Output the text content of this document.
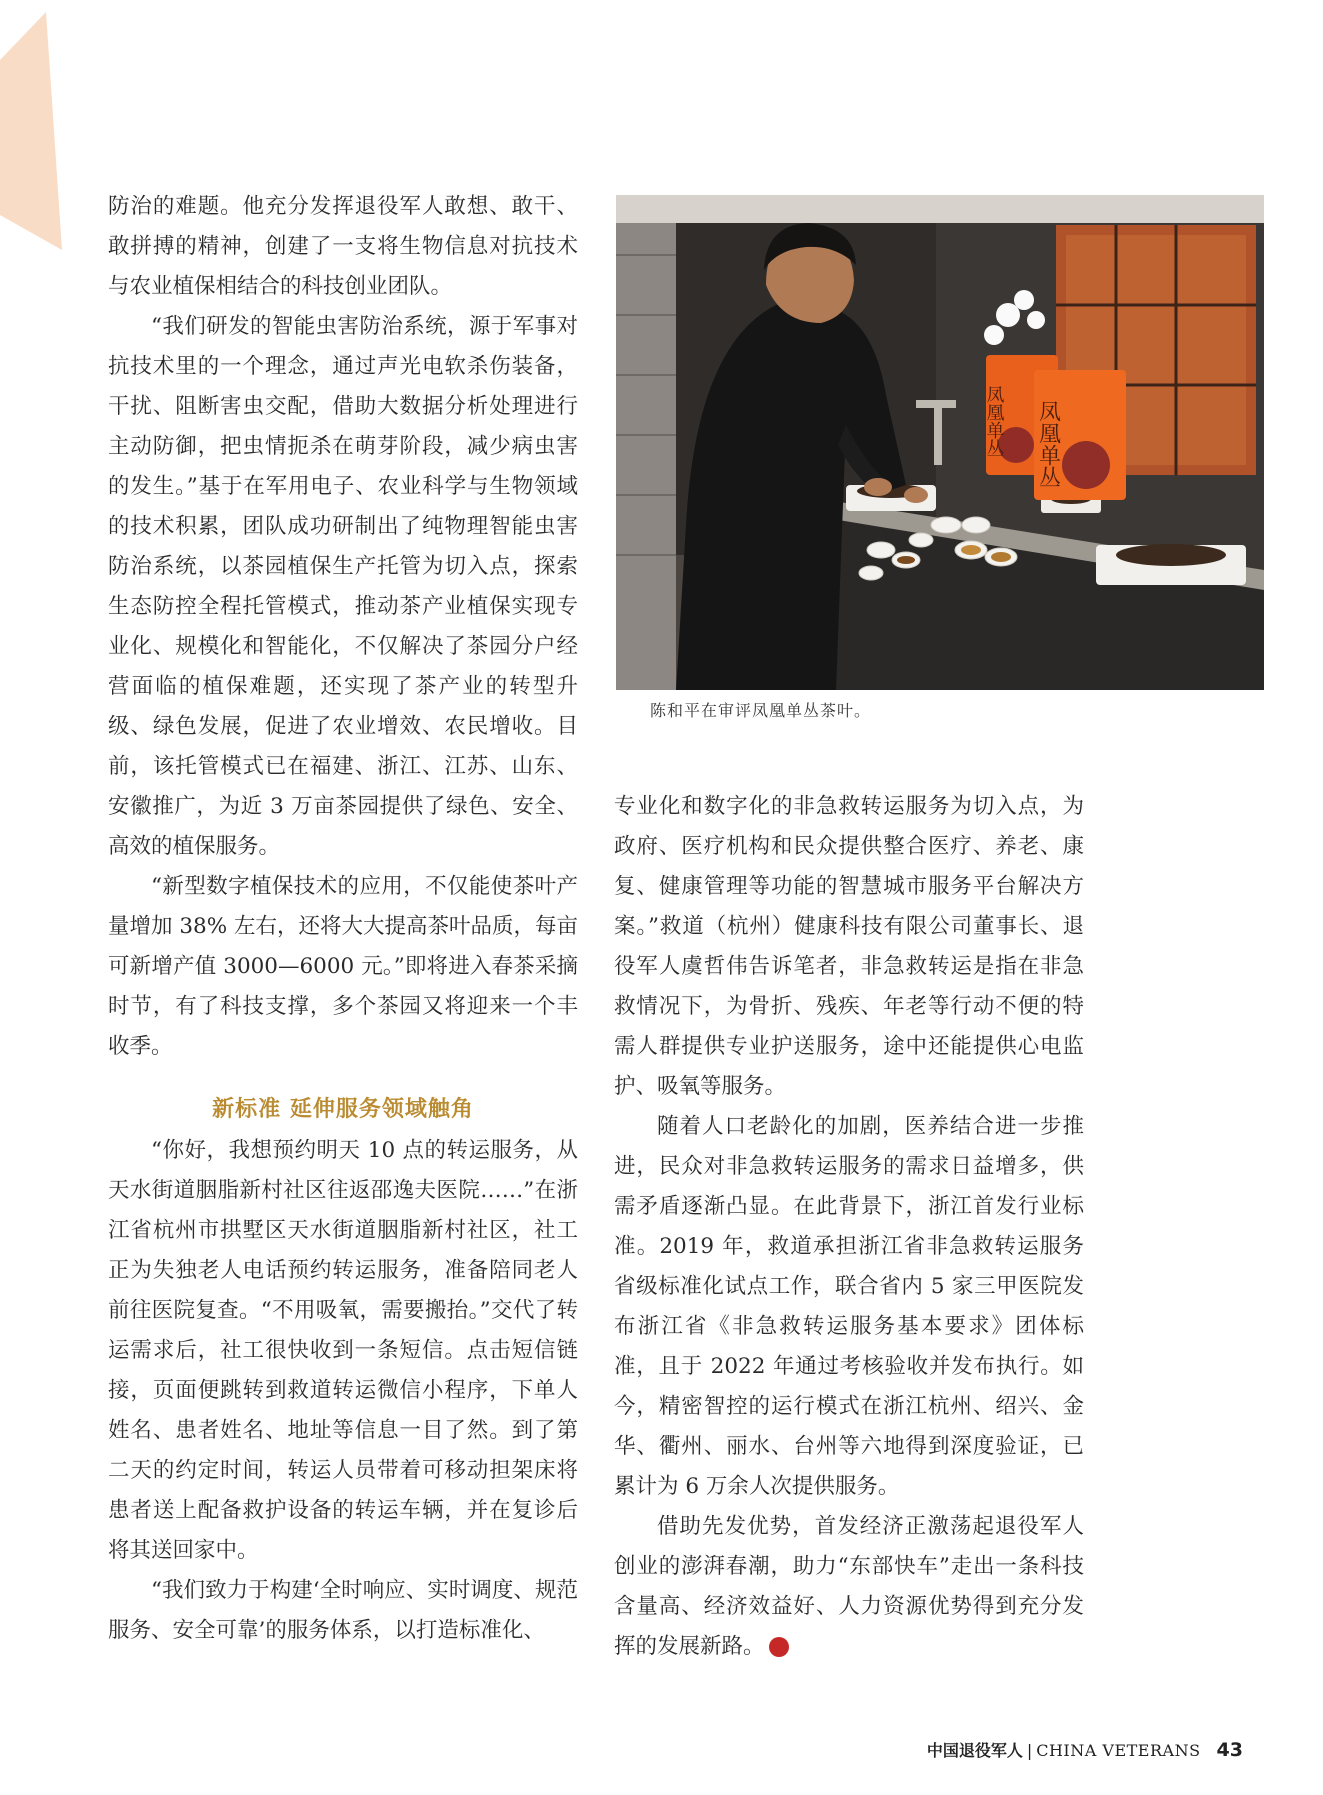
防治的难题。他充分发挥退役军人敢想、敢干、敢拼搏的精神，创建了一支将生物信息对抗技术与农业植保相结合的科技创业团队。

“我们研发的智能虫害防治系统，源于军事对抗技术里的一个理念，通过声光电软杀伤装备，干扰、阻断害虫交配，借助大数据分析处理进行主动防御，把虫情扼杀在萌芽阶段，减少病虫害的发生。”基于在军用电子、农业科学与生物领域的技术积累，团队成功研制出了纯物理智能虫害防治系统，以茶园植保生产托管为切入点，探索生态防控全程托管模式，推动茶产业植保实现专业化、规模化和智能化，不仅解决了茶园分户经营面临的植保难题，还实现了茶产业的转型升级、绿色发展，促进了农业增效、农民增收。目前，该托管模式已在福建、浙江、江苏、山东、安徽推广，为近 3 万亩茶园提供了绿色、安全、高效的植保服务。

“新型数字植保技术的应用，不仅能使茶叶产量增加 38% 左右，还将大大提高茶叶品质，每亩可新增产值 3000—6000 元。”即将进入春茶采摘时节，有了科技支撑，多个茶园又将迎来一个丰收季。

新标准 延伸服务领域触角

“你好，我想预约明天 10 点的转运服务，从天水街道胭脂新村社区往返邵逸夫医院……”在浙江省杭州市拱墅区天水街道胭脂新村社区，社工正为失独老人电话预约转运服务，准备陪同老人前往医院复查。“不用吸氧，需要搬抬。”交代了转运需求后，社工很快收到一条短信。点击短信链接，页面便跳转到救道转运微信小程序，下单人姓名、患者姓名、地址等信息一目了然。到了第二天的约定时间，转运人员带着可移动担架床将患者送上配备救护设备的转运车辆，并在复诊后将其送回家中。

“我们致力于构建‘全时响应、实时调度、规范服务、安全可靠’的服务体系，以打造标准化、

凤凰单丛 凤凰单丛
陈和平在审评凤凰单丛茶叶。

专业化和数字化的非急救转运服务为切入点，为政府、医疗机构和民众提供整合医疗、养老、康复、健康管理等功能的智慧城市服务平台解决方案。”救道（杭州）健康科技有限公司董事长、退役军人虞哲伟告诉笔者，非急救转运是指在非急救情况下，为骨折、残疾、年老等行动不便的特需人群提供专业护送服务，途中还能提供心电监护、吸氧等服务。

随着人口老龄化的加剧，医养结合进一步推进，民众对非急救转运服务的需求日益增多，供需矛盾逐渐凸显。在此背景下，浙江首发行业标准。2019 年，救道承担浙江省非急救转运服务省级标准化试点工作，联合省内 5 家三甲医院发布浙江省《非急救转运服务基本要求》团体标准，且于 2022 年通过考核验收并发布执行。如今，精密智控的运行模式在浙江杭州、绍兴、金华、衢州、丽水、台州等六地得到深度验证，已累计为 6 万余人次提供服务。

借助先发优势，首发经济正激荡起退役军人创业的澎湃春潮，助力“东部快车”走出一条科技含量高、经济效益好、人力资源优势得到充分发挥的发展新路。	V

中国退役军人 | CHINA VETERANS 43
